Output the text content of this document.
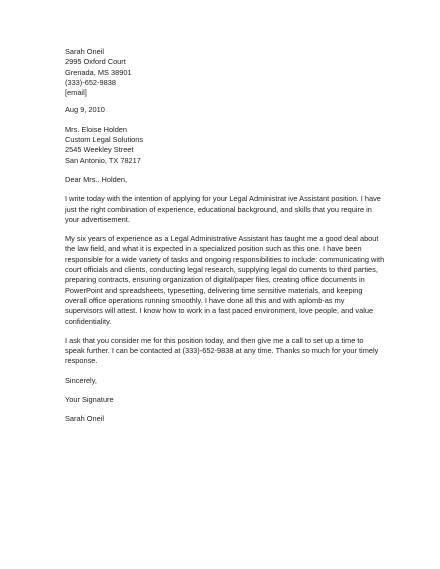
Sarah Oneil
2995 Oxford Court
Grenada, MS 38901
(333)-652-9838
[email]
Aug 9, 2010
Mrs. Eloise Holden
Custom Legal Solutions
2545 Weekley Street
San Antonio, TX 78217
Dear Mrs.. Holden,

I write today with the intention of applying for your Legal Administrat ive Assistant position. I have
just the right combination of experience, educational background, and skills that you require in
your advertisement.

My six years of experience as a Legal Administrative Assistant has taught me a good deal about
the law field, and what it is expected in a specialized position such as this one. I have been
responsible for a wide variety of tasks and ongoing responsibilities to include: communicating with
court officials and clients, conducting legal research, supplying legal do cuments to third parties,
preparing contracts, ensuring organization of digital/paper files, creating office documents in
PowerPoint and spreadsheets, typesetting, delivering time sensitive materials, and keeping
overall office operations running smoothly. I have done all this and with aplomb-as my
supervisors will attest. I know how to work in a fast paced environment, love people, and value
confidentiality.

I ask that you consider me for this position today, and then give me a call to set up a time to
speak further. I can be contacted at (333)-652-9838 at any time. Thanks so much for your timely
response.

Sincerely,
Your Signature
Sarah Oneil
